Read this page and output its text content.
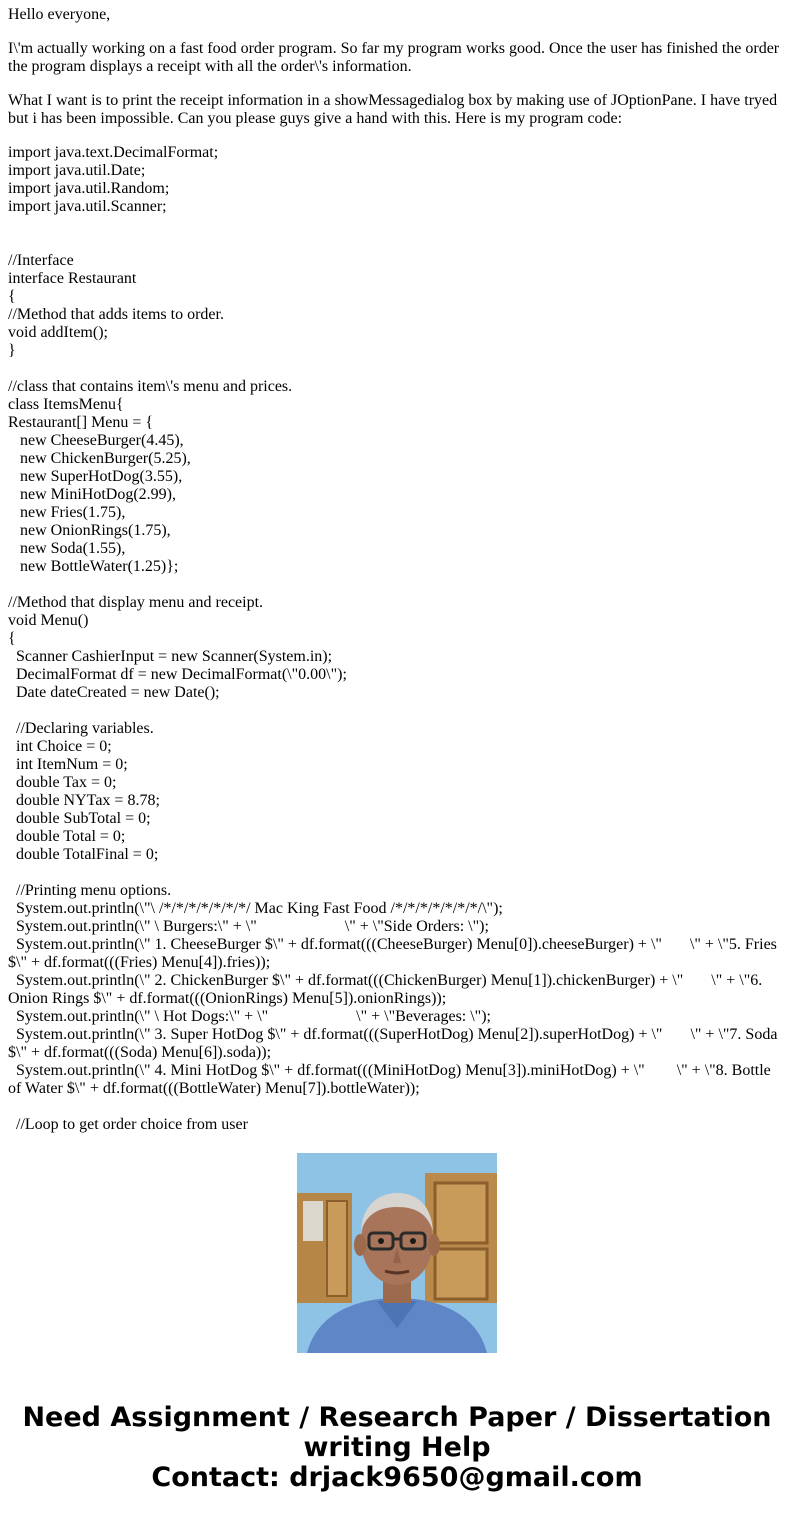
Hello everyone,

I\'m actually working on a fast food order program. So far my program works good. Once the user has finished the order the program displays a receipt with all the order\'s information.

What I want is to print the receipt information in a showMessagedialog box by making use of JOptionPane. I have tryed but i has been impossible. Can you please guys give a hand with this. Here is my program code:

import java.text.DecimalFormat;
import java.util.Date;
import java.util.Random;
import java.util.Scanner;
//Interface
interface Restaurant
{
//Method that adds items to order.
void addItem();
}
//class that contains item\'s menu and prices.
class ItemsMenu{
Restaurant[] Menu = {
new CheeseBurger(4.45),
new ChickenBurger(5.25),
new SuperHotDog(3.55),
new MiniHotDog(2.99),
new Fries(1.75),
new OnionRings(1.75),
new Soda(1.55),
new BottleWater(1.25)};
//Method that display menu and receipt.
void Menu()
{
Scanner CashierInput = new Scanner(System.in);
DecimalFormat df = new DecimalFormat(\"0.00\");
Date dateCreated = new Date();
//Declaring variables.
int Choice = 0;
int ItemNum = 0;
double Tax = 0;
double NYTax = 8.78;
double SubTotal = 0;
double Total = 0;
double TotalFinal = 0;
//Printing menu options.
System.out.println(\"\ /*/*/*/*/*/*/*/ Mac King Fast Food /*/*/*/*/*/*/*/\");
System.out.println(\" \ Burgers:\" + \"                      \" + \"Side Orders: \");
System.out.println(\" 1. CheeseBurger $\" + df.format(((CheeseBurger) Menu[0]).cheeseBurger) + \"       \" + \"5. Fries $\" + df.format(((Fries) Menu[4]).fries));
System.out.println(\" 2. ChickenBurger $\" + df.format(((ChickenBurger) Menu[1]).chickenBurger) + \"       \" + \"6. Onion Rings $\" + df.format(((OnionRings) Menu[5]).onionRings));
System.out.println(\" \ Hot Dogs:\" + \"                      \" + \"Beverages: \");
System.out.println(\" 3. Super HotDog $\" + df.format(((SuperHotDog) Menu[2]).superHotDog) + \"       \" + \"7. Soda $\" + df.format(((Soda) Menu[6]).soda));
System.out.println(\" 4. Mini HotDog $\" + df.format(((MiniHotDog) Menu[3]).miniHotDog) + \"        \" + \"8. Bottle of Water $\" + df.format(((BottleWater) Menu[7]).bottleWater));
//Loop to get order choice from user
Need Assignment / Research Paper / Dissertation
writing Help
Contact: drjack9650@gmail.com
